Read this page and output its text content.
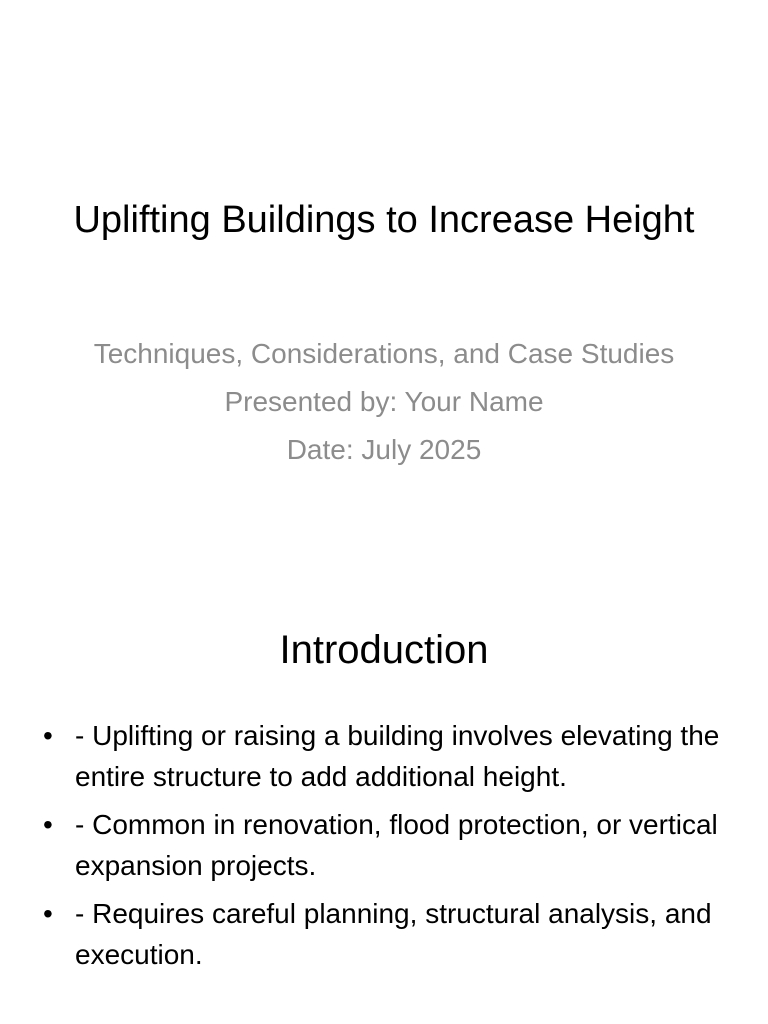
Uplifting Buildings to Increase Height
Techniques, Considerations, and Case Studies
Presented by: Your Name
Date: July 2025
Introduction
• - Uplifting or raising a building involves elevating the entire structure to add additional height.
• - Common in renovation, flood protection, or vertical expansion projects.
• - Requires careful planning, structural analysis, and execution.
